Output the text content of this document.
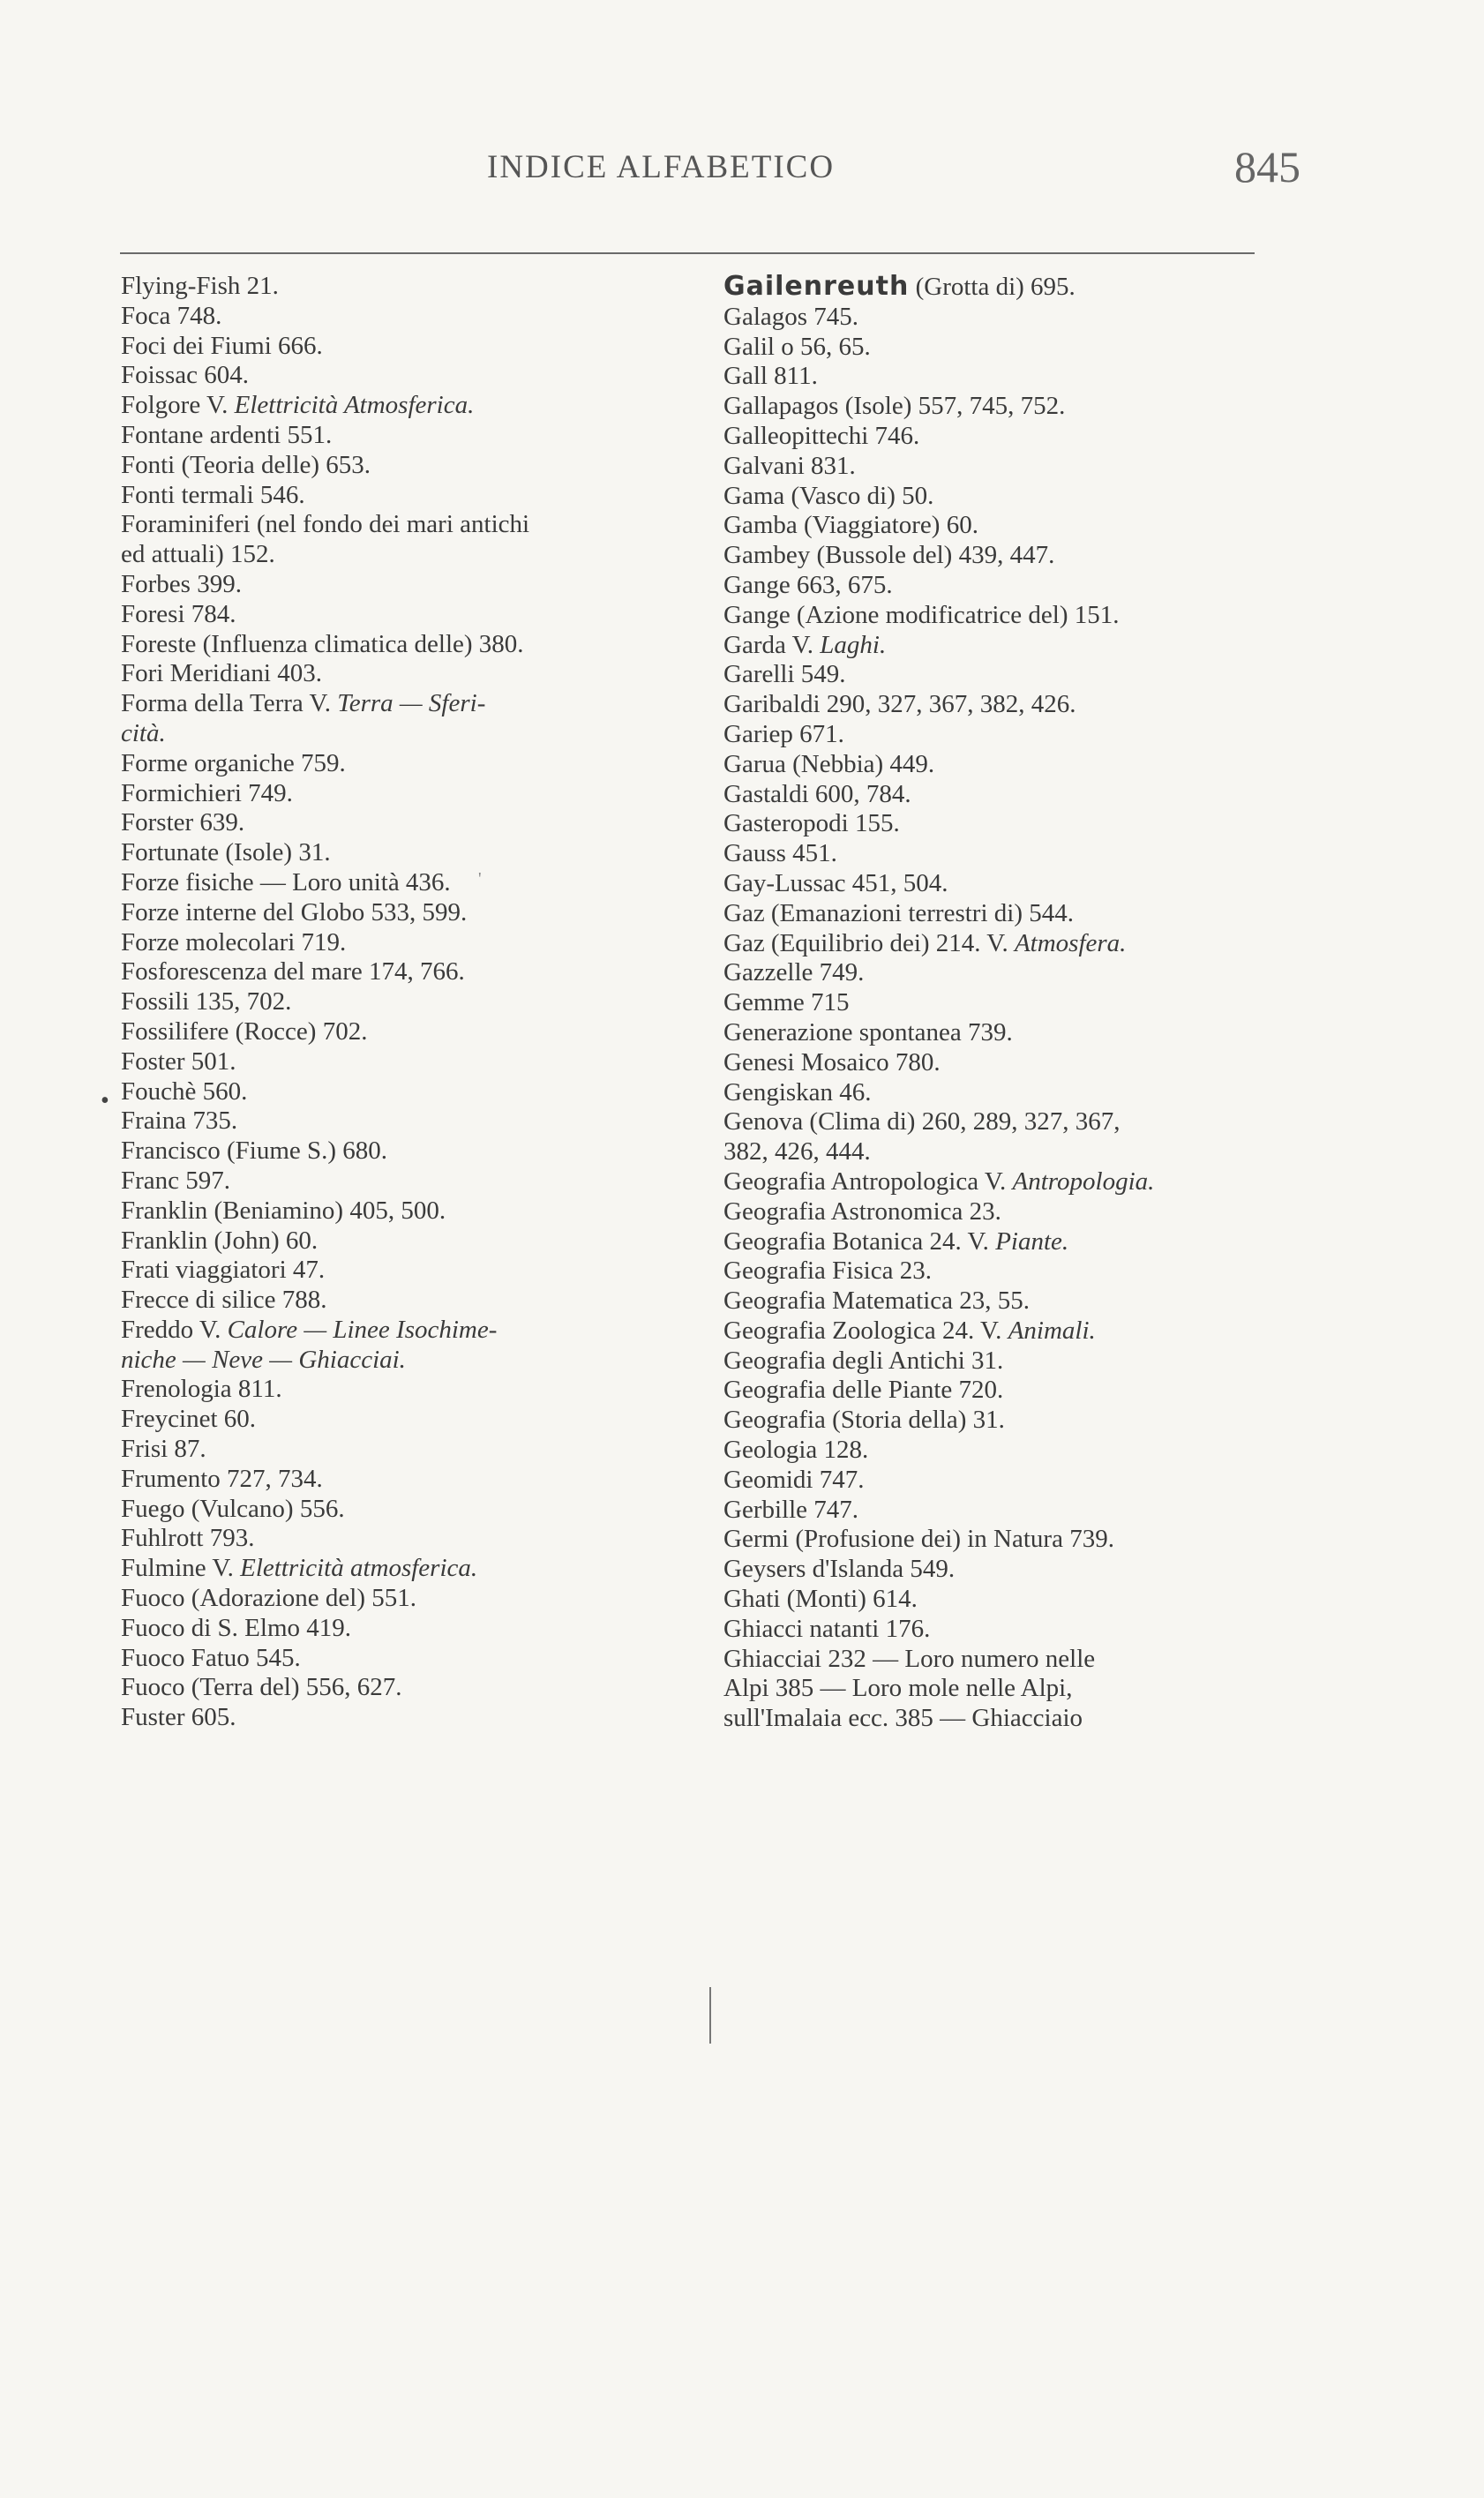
INDICE ALFABETICO	845
•
'
Flying-Fish 21.
Foca 748.
Foci dei Fiumi 666.
Foissac 604.
Folgore V. Elettricità Atmosferica.
Fontane ardenti 551.
Fonti (Teoria delle) 653.
Fonti termali 546.
Foraminiferi (nel fondo dei mari antichi
ed attuali) 152.
Forbes 399.
Foresi 784.
Foreste (Influenza climatica delle) 380.
Fori Meridiani 403.
Forma della Terra V. Terra — Sferi-
cità.
Forme organiche 759.
Formichieri 749.
Forster 639.
Fortunate (Isole) 31.
Forze fisiche — Loro unità 436.
Forze interne del Globo 533, 599.
Forze molecolari 719.
Fosforescenza del mare 174, 766.
Fossili 135, 702.
Fossilifere (Rocce) 702.
Foster 501.
Fouchè 560.
Fraina 735.
Francisco (Fiume S.) 680.
Franc 597.
Franklin (Beniamino) 405, 500.
Franklin (John) 60.
Frati viaggiatori 47.
Frecce di silice 788.
Freddo V. Calore — Linee Isochime-
niche — Neve — Ghiacciai.
Frenologia 811.
Freycinet 60.
Frisi 87.
Frumento 727, 734.
Fuego (Vulcano) 556.
Fuhlrott 793.
Fulmine V. Elettricità atmosferica.
Fuoco (Adorazione del) 551.
Fuoco di S. Elmo 419.
Fuoco Fatuo 545.
Fuoco (Terra del) 556, 627.
Fuster 605.
Gailenreuth (Grotta di) 695.
Galagos 745.
Galil o 56, 65.
Gall 811.
Gallapagos (Isole) 557, 745, 752.
Galleopittechi 746.
Galvani 831.
Gama (Vasco di) 50.
Gamba (Viaggiatore) 60.
Gambey (Bussole del) 439, 447.
Gange 663, 675.
Gange (Azione modificatrice del) 151.
Garda V. Laghi.
Garelli 549.
Garibaldi 290, 327, 367, 382, 426.
Gariep 671.
Garua (Nebbia) 449.
Gastaldi 600, 784.
Gasteropodi 155.
Gauss 451.
Gay-Lussac 451, 504.
Gaz (Emanazioni terrestri di) 544.
Gaz (Equilibrio dei) 214. V. Atmosfera.
Gazzelle 749.
Gemme 715
Generazione spontanea 739.
Genesi Mosaico 780.
Gengiskan 46.
Genova (Clima di) 260, 289, 327, 367,
382, 426, 444.
Geografia Antropologica V. Antropologia.
Geografia Astronomica 23.
Geografia Botanica 24. V. Piante.
Geografia Fisica 23.
Geografia Matematica 23, 55.
Geografia Zoologica 24. V. Animali.
Geografia degli Antichi 31.
Geografia delle Piante 720.
Geografia (Storia della) 31.
Geologia 128.
Geomidi 747.
Gerbille 747.
Germi (Profusione dei) in Natura 739.
Geysers d'Islanda 549.
Ghati (Monti) 614.
Ghiacci natanti 176.
Ghiacciai 232 — Loro numero nelle
Alpi 385 — Loro mole nelle Alpi,
sull'Imalaia ecc. 385 — Ghiacciaio
